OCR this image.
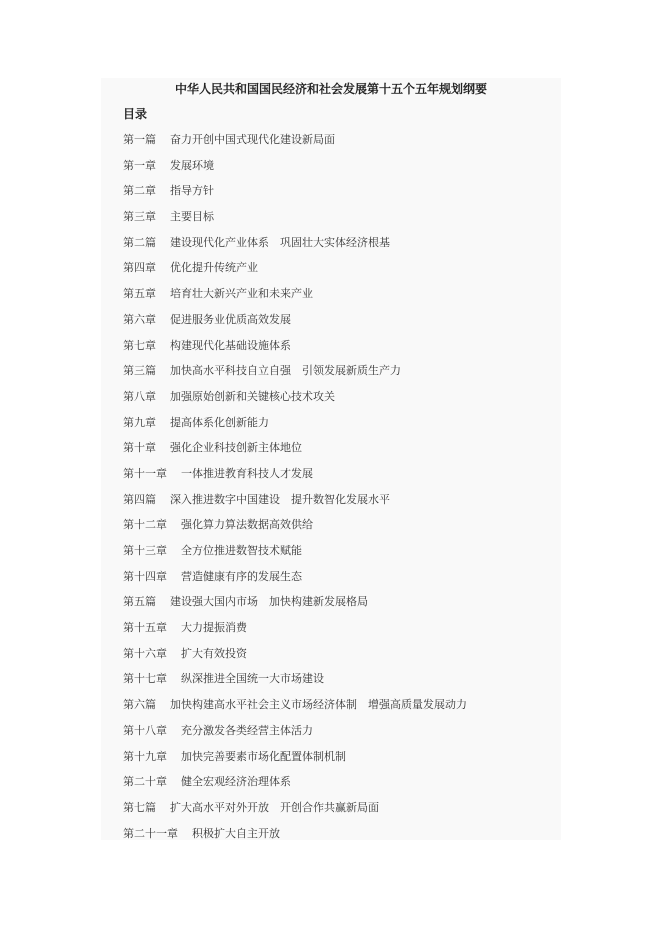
中华人民共和国国民经济和社会发展第十五个五年规划纲要
目录
第一篇 奋力开创中国式现代化建设新局面
第一章 发展环境
第二章 指导方针
第三章 主要目标
第二篇 建设现代化产业体系　巩固壮大实体经济根基
第四章 优化提升传统产业
第五章 培育壮大新兴产业和未来产业
第六章 促进服务业优质高效发展
第七章 构建现代化基础设施体系
第三篇 加快高水平科技自立自强　引领发展新质生产力
第八章 加强原始创新和关键核心技术攻关
第九章 提高体系化创新能力
第十章 强化企业科技创新主体地位
第十一章 一体推进教育科技人才发展
第四篇 深入推进数字中国建设　提升数智化发展水平
第十二章 强化算力算法数据高效供给
第十三章 全方位推进数智技术赋能
第十四章 营造健康有序的发展生态
第五篇 建设强大国内市场　加快构建新发展格局
第十五章 大力提振消费
第十六章 扩大有效投资
第十七章 纵深推进全国统一大市场建设
第六篇 加快构建高水平社会主义市场经济体制　增强高质量发展动力
第十八章 充分激发各类经营主体活力
第十九章 加快完善要素市场化配置体制机制
第二十章 健全宏观经济治理体系
第七篇 扩大高水平对外开放　开创合作共赢新局面
第二十一章 积极扩大自主开放
